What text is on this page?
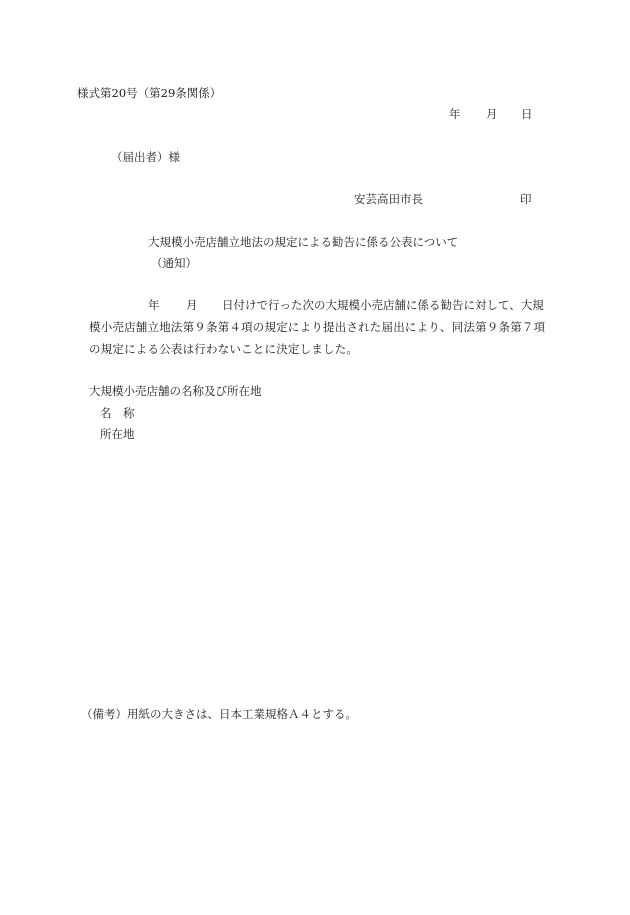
様式第20号（第29条関係）
年 月 日
（届出者）様
安芸高田市長	印
大規模小売店舗立地法の規定による勧告に係る公表について
（通知）
年 月 日付けで行った次の大規模小売店舗に係る勧告に対して、大規
模小売店舗立地法第９条第４項の規定により提出された届出により、同法第９条第７項
の規定による公表は行わないことに決定しました。
大規模小売店舗の名称及び所在地
名　称
所在地
（備考）用紙の大きさは、日本工業規格Ａ４とする。
